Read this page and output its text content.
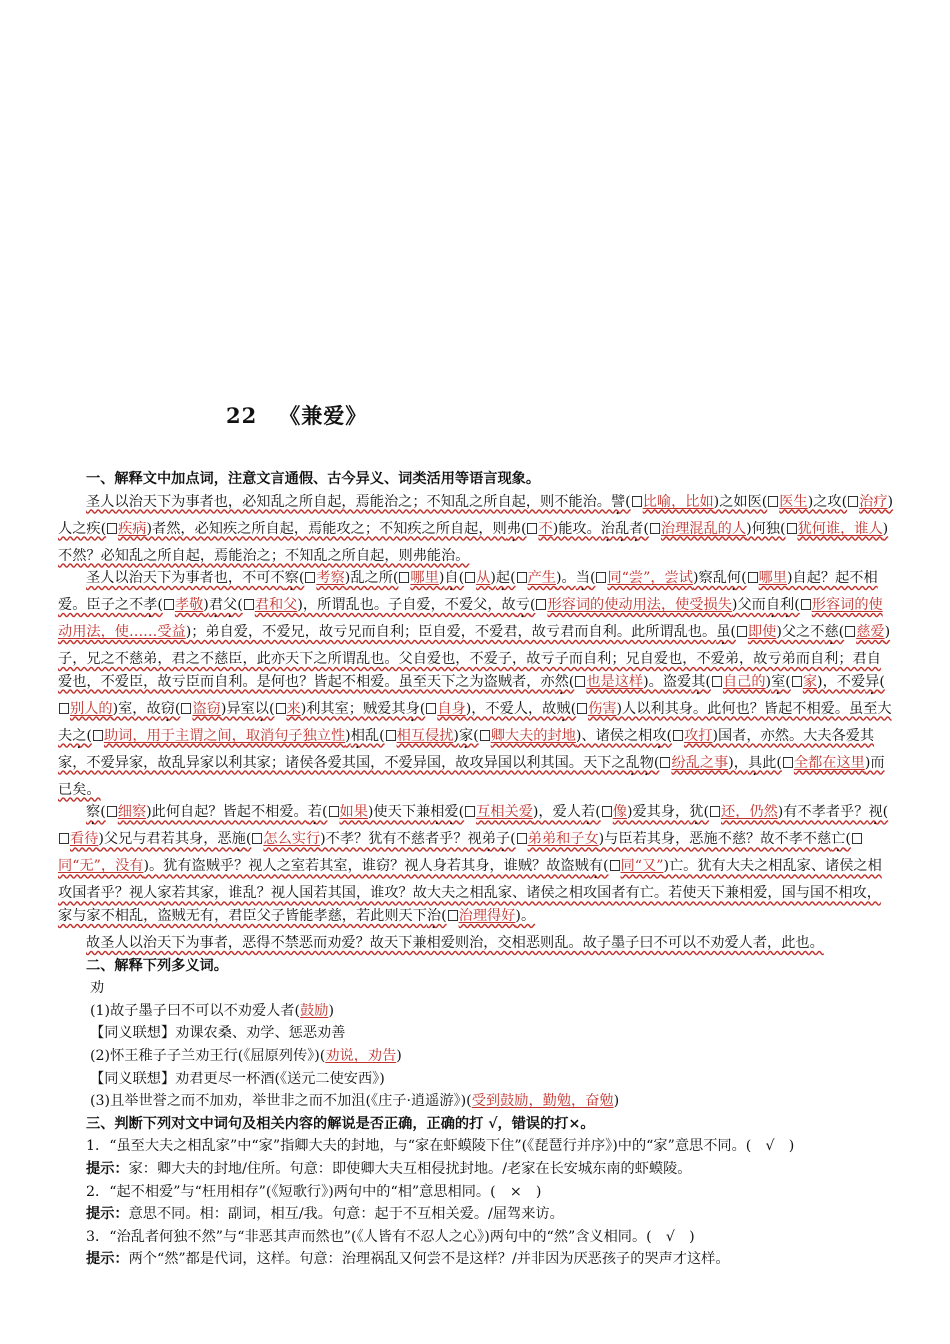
22 《兼爱》

一、解释文中加点词，注意文言通假、古今异义、词类活用等语言现象。

圣人以治天下为事者也，必知乱之所自起，焉能治之；不知乱之所自起，则不能治。譬( 比喻，比如)之如医( 医生)之攻( 治疗)人之疾( 疾病)者然，必知疾之所自起，焉能攻之；不知疾之所自起，则弗( 不)能攻。治乱者( 治理混乱的人)何独( 犹何谁，谁人)不然？必知乱之所自起，焉能治之；不知乱之所自起，则弗能治。

圣人以治天下为事者也，不可不察( 考察)乱之所( 哪里)自( 从)起( 产生)。当( 同“尝”，尝试)察乱何( 哪里)自起？起不相爱。臣子之不孝( 孝敬)君父( 君和父)，所谓乱也。子自爱，不爱父，故亏( 形容词的使动用法，使受损失)父而自利( 形容词的使动用法，使……受益)；弟自爱，不爱兄，故亏兄而自利；臣自爱，不爱君，故亏君而自利。此所谓乱也。虽( 即使)父之不慈( 慈爱)子，兄之不慈弟，君之不慈臣，此亦天下之所谓乱也。父自爱也，不爱子，故亏子而自利；兄自爱也，不爱弟，故亏弟而自利；君自爱也，不爱臣，故亏臣而自利。是何也？皆起不相爱。虽至天下之为盗贼者，亦然( 也是这样)。盗爱其( 自己的)室( 家)，不爱异(别人的)室，故窃( 盗窃)异室以( 来)利其室；贼爱其身( 自身)，不爱人，故贼( 伤害)人以利其身。此何也？皆起不相爱。虽至大夫之( 助词，用于主谓之间，取消句子独立性)相乱( 相互侵扰)家( 卿大夫的封地)、诸侯之相攻( 攻打)国者，亦然。大夫各爱其家，不爱异家，故乱异家以利其家；诸侯各爱其国，不爱异国，故攻异国以利其国。天下之乱物( 纷乱之事)，具此( 全都在这里)而已矣。

察( 细察)此何自起？皆起不相爱。若( 如果)使天下兼相爱( 互相关爱)，爱人若( 像)爱其身，犹( 还，仍然)有不孝者乎？视(看待)父兄与君若其身，恶施( 怎么实行)不孝？犹有不慈者乎？视弟子( 弟弟和子女)与臣若其身，恶施不慈？故不孝不慈亡(同“无”，没有)。犹有盗贼乎？视人之室若其室，谁窃？视人身若其身，谁贼？故盗贼有( 同“又”)亡。犹有大夫之相乱家、诸侯之相攻国者乎？视人家若其家，谁乱？视人国若其国，谁攻？故大夫之相乱家、诸侯之相攻国者有亡。若使天下兼相爱，国与国不相攻，家与家不相乱，盗贼无有，君臣父子皆能孝慈，若此则天下治( 治理得好)。

故圣人以治天下为事者，恶得不禁恶而劝爱？故天下兼相爱则治，交相恶则乱。故子墨子曰不可以不劝爱人者，此也。

二、解释下列多义词。

劝

(1)故子墨子曰不可以不劝爱人者(鼓励)

【同义联想】劝课农桑、劝学、惩恶劝善

(2)怀王稚子子兰劝王行(《屈原列传》)(劝说，劝告)

【同义联想】劝君更尽一杯酒(《送元二使安西》)

(3)且举世誉之而不加劝，举世非之而不加沮(《庄子·逍遥游》)(受到鼓励，勤勉，奋勉)

三、判断下列对文中词句及相关内容的解说是否正确，正确的打 √，错误的打×。

1．“虽至大夫之相乱家”中“家”指卿大夫的封地，与“家在虾蟆陵下住”(《琵琶行并序》)中的“家”意思不同。(　√　)

提示：家：卿大夫的封地/住所。句意：即使卿大夫互相侵扰封地。/老家在长安城东南的虾蟆陵。

2．“起不相爱”与“枉用相存”(《短歌行》)两句中的“相”意思相同。(　×　)

提示：意思不同。相：副词，相互/我。句意：起于不互相关爱。/屈驾来访。

3．“治乱者何独不然”与“非恶其声而然也”(《人皆有不忍人之心》)两句中的“然”含义相同。(　√　)

提示：两个“然”都是代词，这样。句意：治理祸乱又何尝不是这样？/并非因为厌恶孩子的哭声才这样。
